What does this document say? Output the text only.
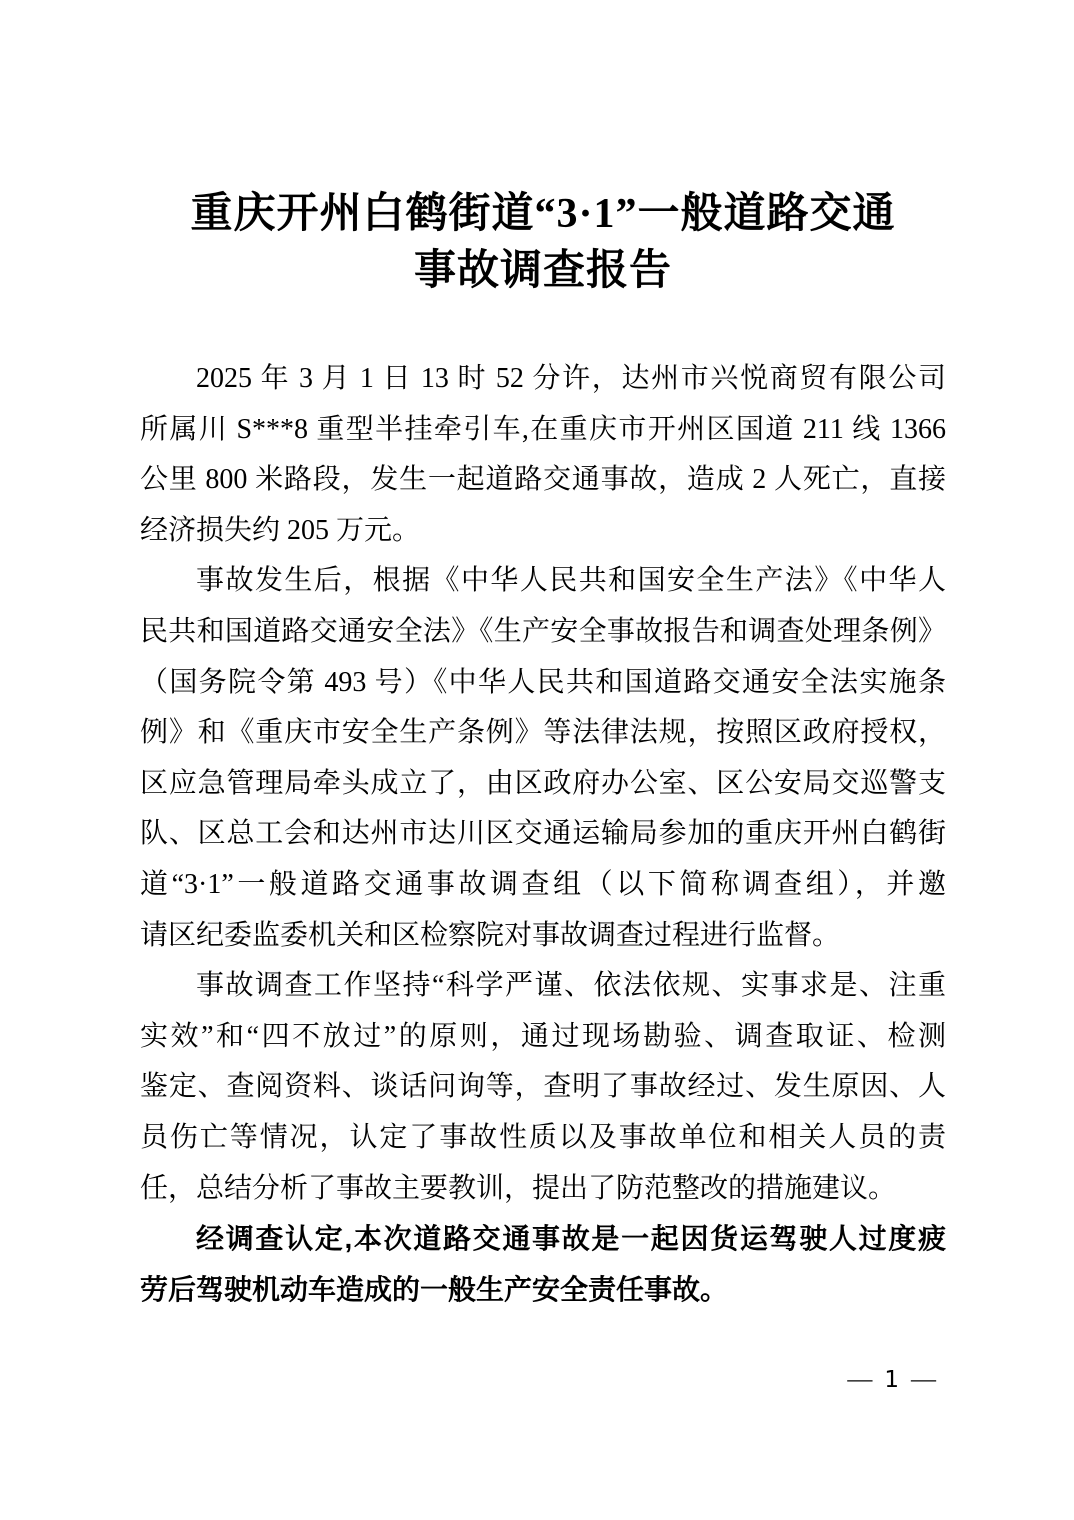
重庆开州白鹤街道“3·1”一般道路交通
事故调查报告
2025 年 3 月 1 日 13 时 52 分许，达州市兴悦商贸有限公司
所属川 S***8 重型半挂牵引车,在重庆市开州区国道 211 线 1366
公里 800 米路段，发生一起道路交通事故，造成 2 人死亡，直接
经济损失约 205 万元。
事故发生后，根据《中华人民共和国安全生产法》《中华人
民共和国道路交通安全法》《生产安全事故报告和调查处理条例》
（国务院令第 493 号）《中华人民共和国道路交通安全法实施条
例》和《重庆市安全生产条例》等法律法规，按照区政府授权，
区应急管理局牵头成立了，由区政府办公室、区公安局交巡警支
队、区总工会和达州市达川区交通运输局参加的重庆开州白鹤街
道“3·1”一般道路交通事故调查组（以下简称调查组），并邀
请区纪委监委机关和区检察院对事故调查过程进行监督。
事故调查工作坚持“科学严谨、依法依规、实事求是、注重
实效”和“四不放过”的原则，通过现场勘验、调查取证、检测
鉴定、查阅资料、谈话问询等，查明了事故经过、发生原因、人
员伤亡等情况，认定了事故性质以及事故单位和相关人员的责
任，总结分析了事故主要教训，提出了防范整改的措施建议。
经调查认定,本次道路交通事故是一起因货运驾驶人过度疲
劳后驾驶机动车造成的一般生产安全责任事故。
— 1 —
